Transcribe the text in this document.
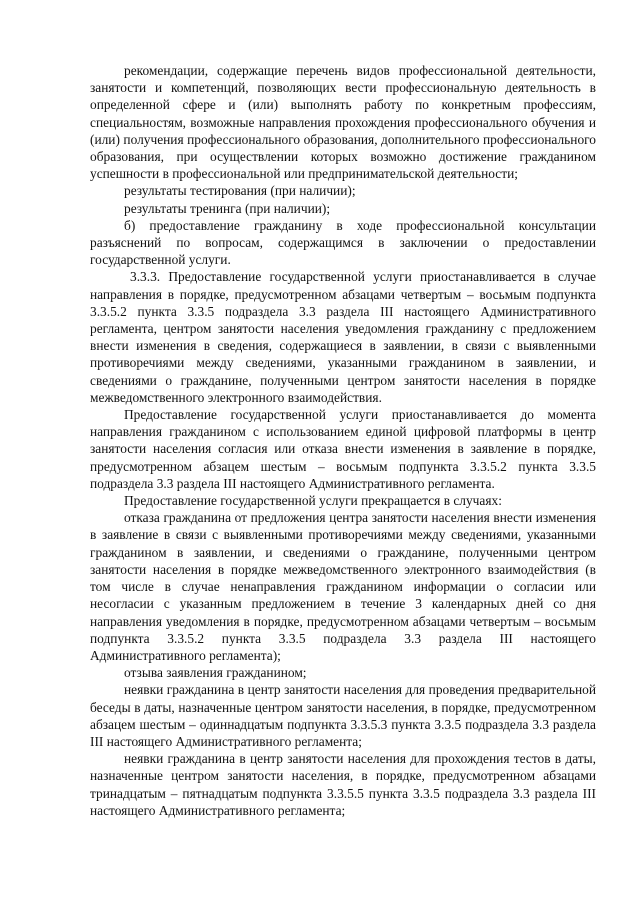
рекомендации, содержащие перечень видов профессиональной деятельности, занятости и компетенций, позволяющих вести профессиональную деятельность в определенной сфере и (или) выполнять работу по конкретным профессиям, специальностям, возможные направления прохождения профессионального обучения и (или) получения профессионального образования, дополнительного профессионального образования, при осуществлении которых возможно достижение гражданином успешности в профессиональной или предпринимательской деятельности;

результаты тестирования (при наличии);

результаты тренинга (при наличии);

б) предоставление гражданину в ходе профессиональной консультации разъяснений по вопросам, содержащимся в заключении о предоставлении государственной услуги.

3.3.3. Предоставление государственной услуги приостанавливается в случае направления в порядке, предусмотренном абзацами четвертым – восьмым подпункта 3.3.5.2 пункта 3.3.5 подраздела 3.3 раздела III настоящего Административного регламента, центром занятости населения уведомления гражданину с предложением внести изменения в сведения, содержащиеся в заявлении, в связи с выявленными противоречиями между сведениями, указанными гражданином в заявлении, и сведениями о гражданине, полученными центром занятости населения в порядке межведомственного электронного взаимодействия.

Предоставление государственной услуги приостанавливается до момента направления гражданином с использованием единой цифровой платформы в центр занятости населения согласия или отказа внести изменения в заявление в порядке, предусмотренном абзацем шестым – восьмым подпункта 3.3.5.2 пункта 3.3.5 подраздела 3.3 раздела III настоящего Административного регламента.

Предоставление государственной услуги прекращается в случаях:

отказа гражданина от предложения центра занятости населения внести изменения в заявление в связи с выявленными противоречиями между сведениями, указанными гражданином в заявлении, и сведениями о гражданине, полученными центром занятости населения в порядке межведомственного электронного взаимодействия (в том числе в случае ненаправления гражданином информации о согласии или несогласии с указанным предложением в течение 3 календарных дней со дня направления уведомления в порядке, предусмотренном абзацами четвертым – восьмым подпункта 3.3.5.2 пункта 3.3.5 подраздела 3.3 раздела III настоящего Административного регламента);

отзыва заявления гражданином;

неявки гражданина в центр занятости населения для проведения предварительной беседы в даты, назначенные центром занятости населения, в порядке, предусмотренном абзацем шестым – одиннадцатым подпункта 3.3.5.3 пункта 3.3.5 подраздела 3.3 раздела III настоящего Административного регламента;

неявки гражданина в центр занятости населения для прохождения тестов в даты, назначенные центром занятости населения, в порядке, предусмотренном абзацами тринадцатым – пятнадцатым подпункта 3.3.5.5 пункта 3.3.5 подраздела 3.3 раздела III настоящего Административного регламента;
